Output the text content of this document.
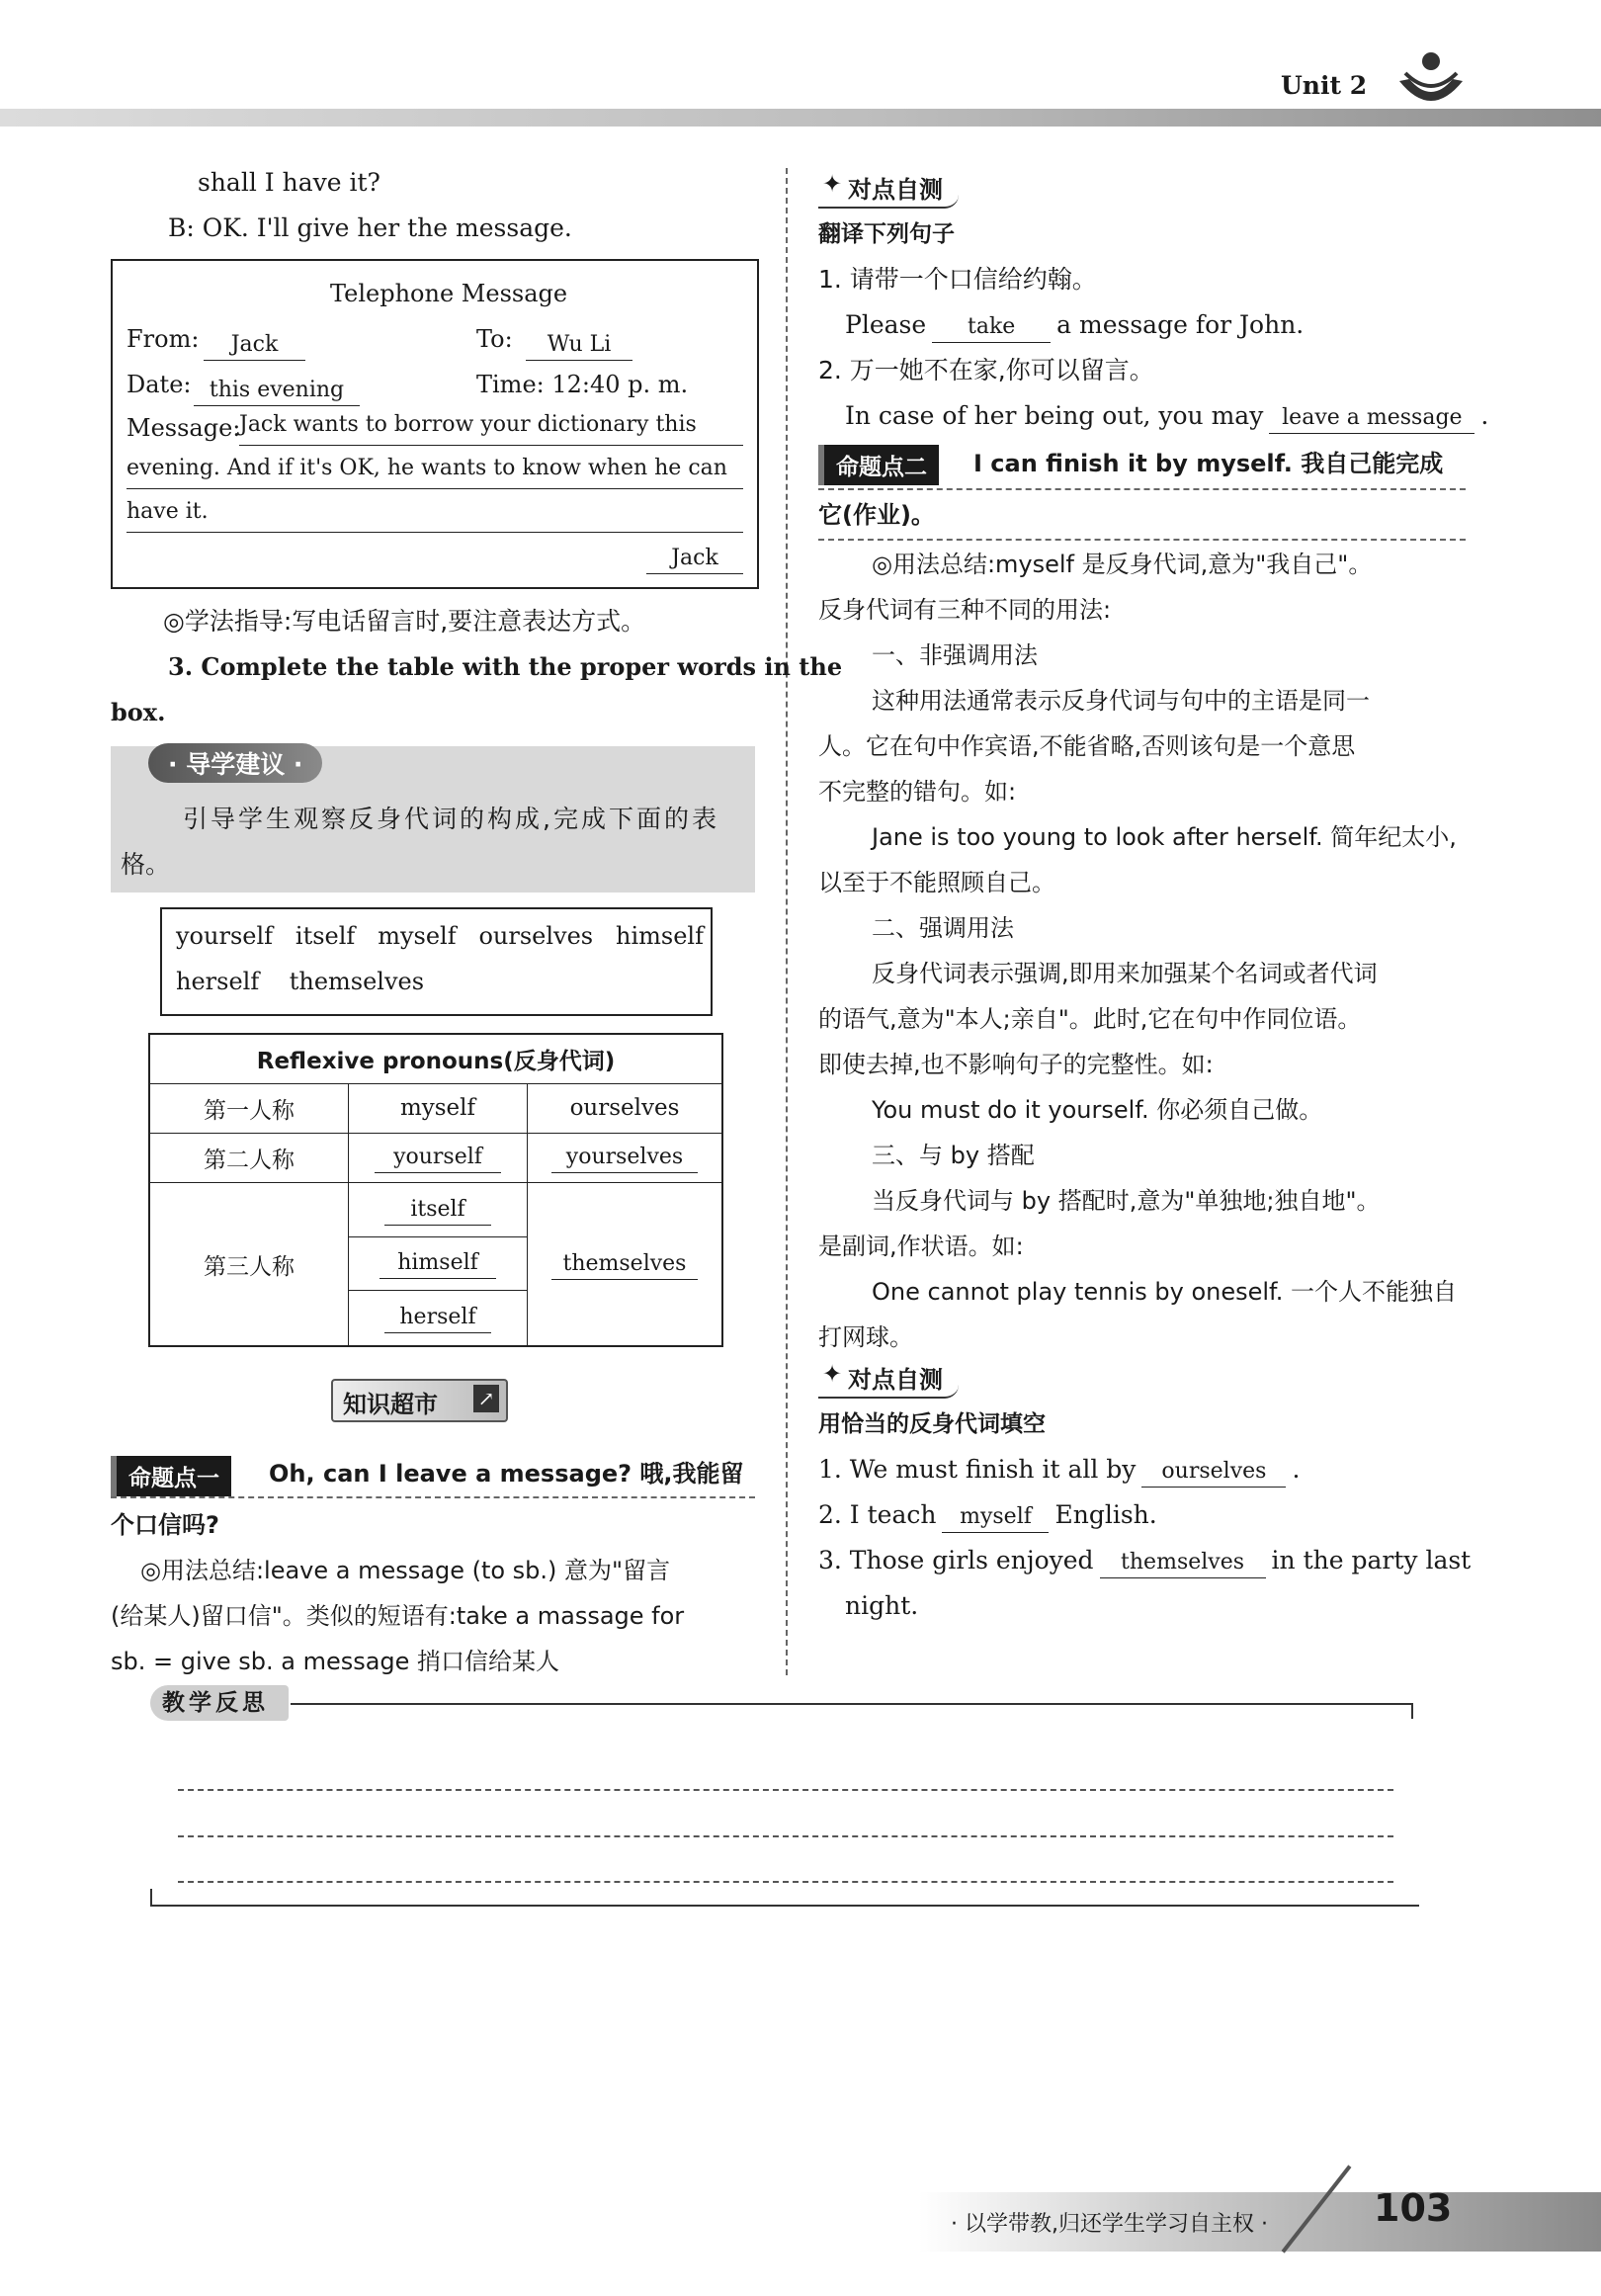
Unit 2
shall I have it?
B: OK. I'll give her the message.
Telephone Message
From:	Jack	To:	Wu Li
Date: this evening	Time: 12:40 p. m.
Message:
Jack wants to borrow your dictionary this
evening. And if it's OK, he wants to know when he can
have it.
Jack
◎学法指导:写电话留言时,要注意表达方式。
3. Complete the table with the proper words in the
box.
· 导学建议 ·
引导学生观察反身代词的构成,完成下面的表
格。
yourself   itself   myself   ourselves   himself
herself    themselves
Reflexive pronouns(反身代词)		
第一人称	myself	ourselves
第二人称	yourself	yourselves
第三人称	itself	themselves
	himself	
	herself	
知识超市 ↗
命题点一	Oh, can I leave a message? 哦,我能留
个口信吗?
◎用法总结:leave a message (to sb.) 意为"留言
(给某人)留口信"。类似的短语有:take a massage for
sb. = give sb. a message 捎口信给某人
✦ 对点自测
翻译下列句子
1. 请带一个口信给约翰。
Please take a message for John.
2. 万一她不在家,你可以留言。
In case of her being out, you may leave a message .
命题点二	I can finish it by myself. 我自己能完成
它(作业)。
◎用法总结:myself 是反身代词,意为"我自己"。
反身代词有三种不同的用法:
一、非强调用法
这种用法通常表示反身代词与句中的主语是同一
人。它在句中作宾语,不能省略,否则该句是一个意思
不完整的错句。如:
Jane is too young to look after herself. 简年纪太小,
以至于不能照顾自己。
二、强调用法
反身代词表示强调,即用来加强某个名词或者代词
的语气,意为"本人;亲自"。此时,它在句中作同位语。
即使去掉,也不影响句子的完整性。如:
You must do it yourself. 你必须自己做。
三、与 by 搭配
当反身代词与 by 搭配时,意为"单独地;独自地"。
是副词,作状语。如:
One cannot play tennis by oneself. 一个人不能独自
打网球。
✦ 对点自测
用恰当的反身代词填空
1. We must finish it all by ourselves .
2. I teach myself English.
3. Those girls enjoyed themselves in the party last
night.
教学反思
· 以学带教,归还学生学习自主权 ·	103
